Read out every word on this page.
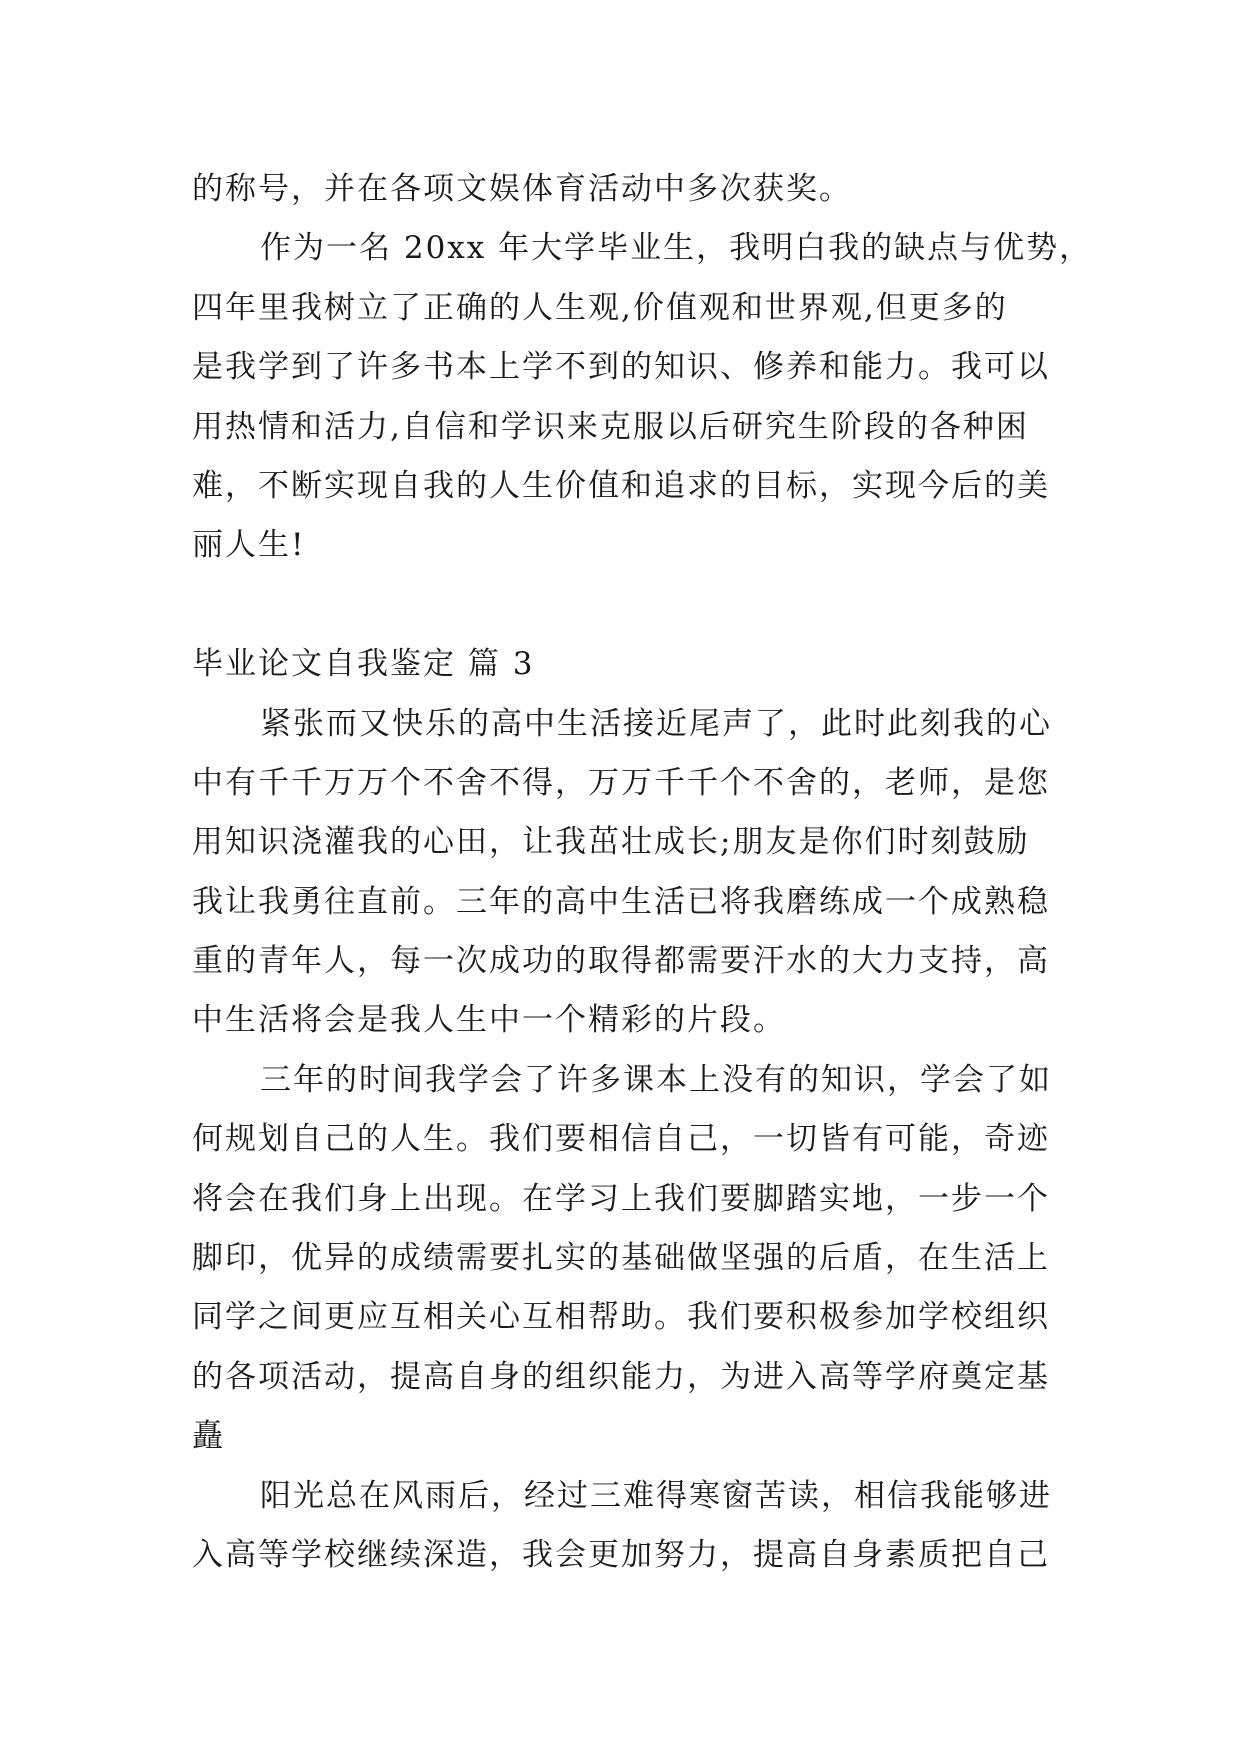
的称号，并在各项文娱体育活动中多次获奖。
作为一名 20xx 年大学毕业生，我明白我的缺点与优势，
四年里我树立了正确的人生观,价值观和世界观,但更多的
是我学到了许多书本上学不到的知识、修养和能力。我可以
用热情和活力,自信和学识来克服以后研究生阶段的各种困
难，不断实现自我的人生价值和追求的目标，实现今后的美
丽人生!
毕业论文自我鉴定 篇 3
紧张而又快乐的高中生活接近尾声了，此时此刻我的心
中有千千万万个不舍不得，万万千千个不舍的，老师，是您
用知识浇灌我的心田，让我茁壮成长;朋友是你们时刻鼓励
我让我勇往直前。三年的高中生活已将我磨练成一个成熟稳
重的青年人，每一次成功的取得都需要汗水的大力支持，高
中生活将会是我人生中一个精彩的片段。
三年的时间我学会了许多课本上没有的知识，学会了如
何规划自己的人生。我们要相信自己，一切皆有可能，奇迹
将会在我们身上出现。在学习上我们要脚踏实地，一步一个
脚印，优异的成绩需要扎实的基础做坚强的后盾，在生活上
同学之间更应互相关心互相帮助。我们要积极参加学校组织
的各项活动，提高自身的组织能力，为进入高等学府奠定基
矗
阳光总在风雨后，经过三难得寒窗苦读，相信我能够进
入高等学校继续深造，我会更加努力，提高自身素质把自己
